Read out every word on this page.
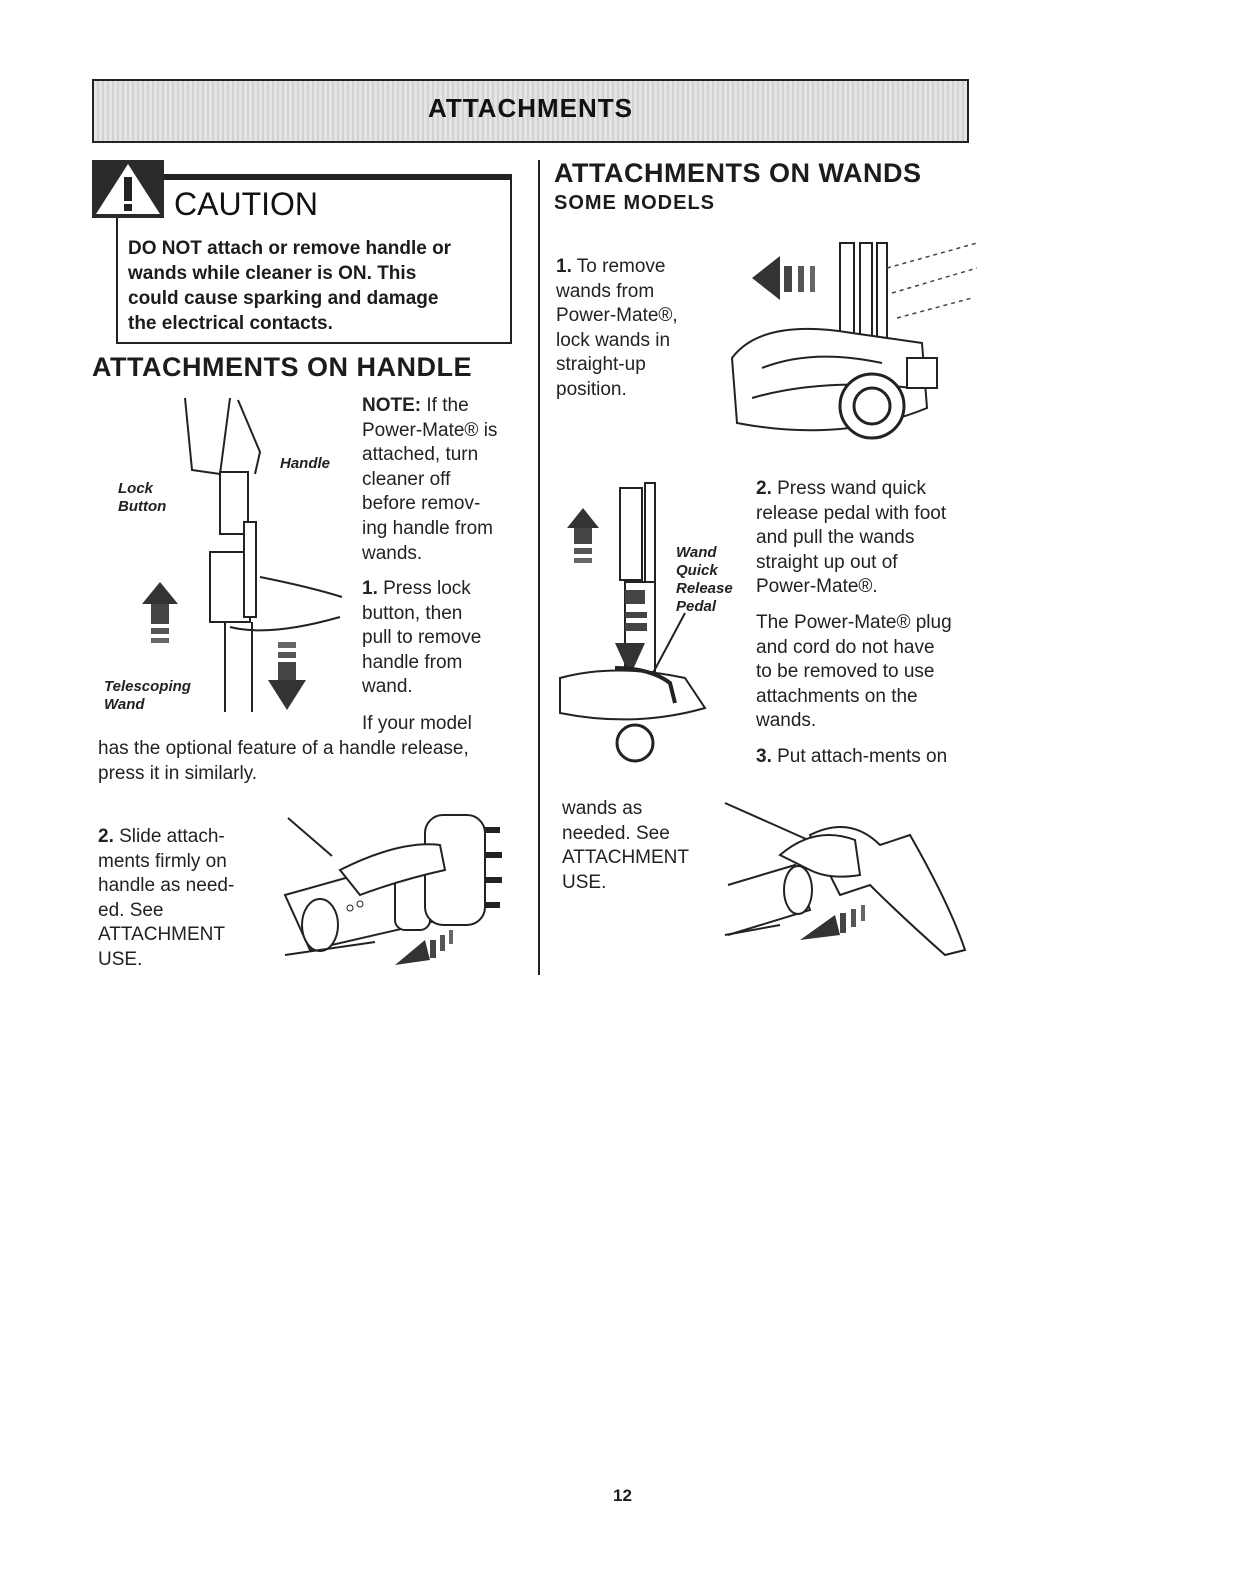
ATTACHMENTS
CAUTION
DO NOT attach or remove handle or
wands while cleaner is ON. This
could cause sparking and damage
the electrical contacts.
ATTACHMENTS ON HANDLE
Handle
Lock
Button
Telescoping
Wand
NOTE: If the
Power-Mate® is
attached, turn
cleaner off
before remov-
ing handle from
wands.
1. Press lock
button, then
pull to remove
handle from
wand.
If your model
has the optional feature of a handle release,
press it in similarly.
2. Slide attach-
ments firmly on
handle as need-
ed. See
ATTACHMENT
USE.
ATTACHMENTS ON WANDS
SOME MODELS
1. To remove
wands from
Power-Mate®,
lock wands in
straight-up
position.
2. Press wand quick
release pedal with foot
and pull the wands
straight up out of
Power-Mate®.
The Power-Mate® plug
and cord do not have
to be removed to use
attachments on the
wands.
3. Put attach-ments on
Wand
Quick
Release
Pedal
wands as
needed. See
ATTACHMENT
USE.
12
